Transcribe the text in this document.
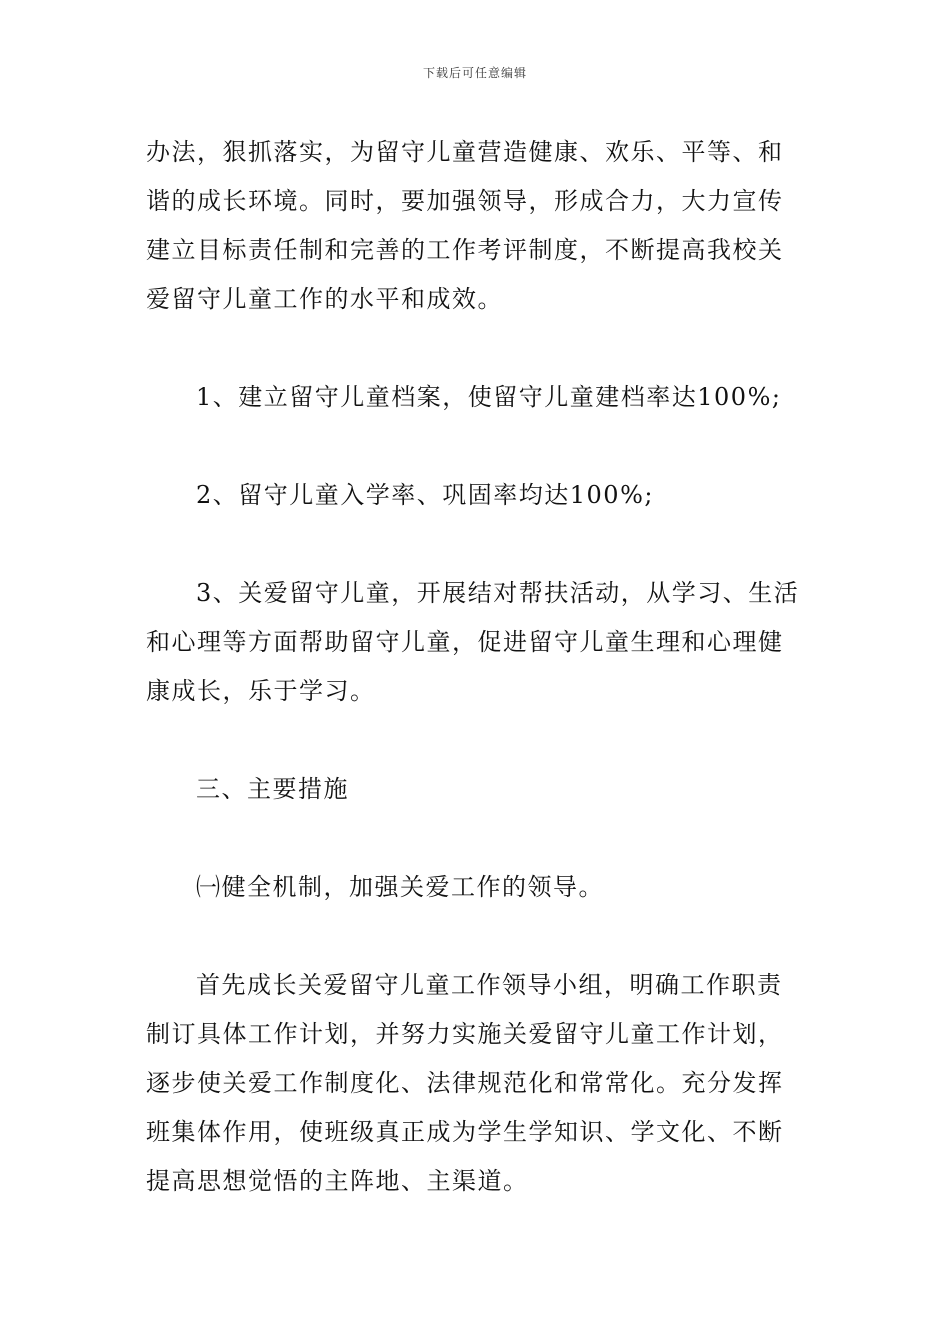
下载后可任意编辑

办法，狠抓落实，为留守儿童营造健康、欢乐、平等、和谐的成长环境。同时，要加强领导，形成合力，大力宣传建立目标责任制和完善的工作考评制度，不断提高我校关爱留守儿童工作的水平和成效。

1、建立留守儿童档案，使留守儿童建档率达100%;

2、留守儿童入学率、巩固率均达100%;

3、关爱留守儿童，开展结对帮扶活动，从学习、生活和心理等方面帮助留守儿童，促进留守儿童生理和心理健康成长，乐于学习。

三、主要措施

㈠健全机制，加强关爱工作的领导。

首先成长关爱留守儿童工作领导小组，明确工作职责制订具体工作计划，并努力实施关爱留守儿童工作计划，逐步使关爱工作制度化、法律规范化和常常化。充分发挥班集体作用，使班级真正成为学生学知识、学文化、不断提高思想觉悟的主阵地、主渠道。
